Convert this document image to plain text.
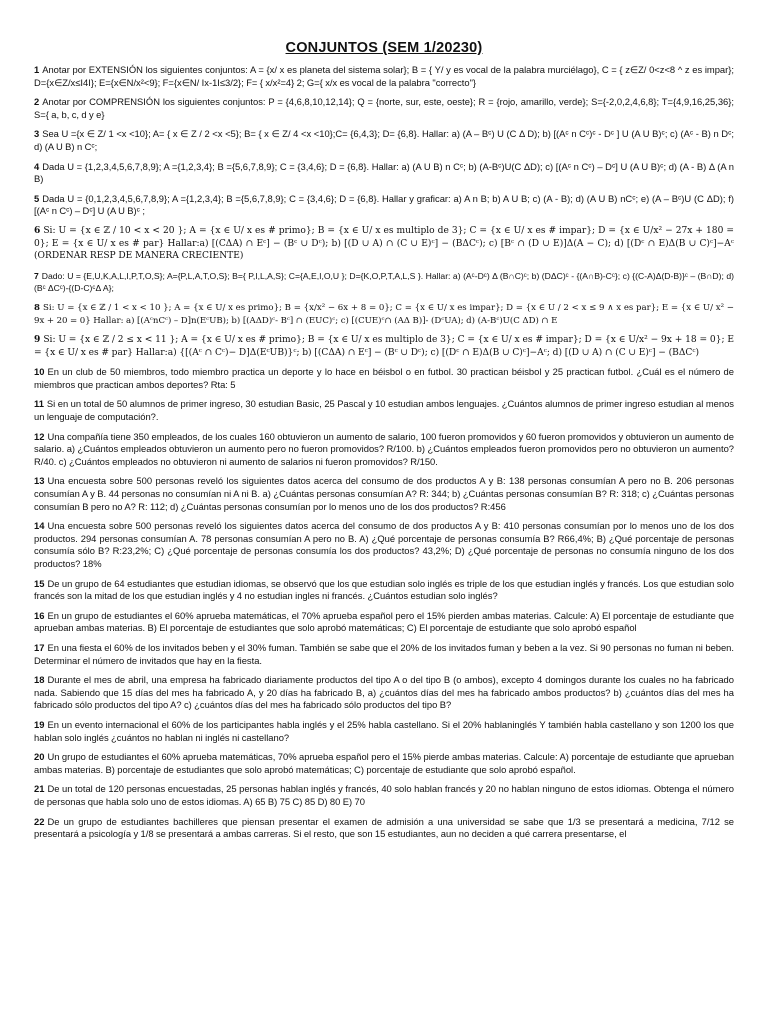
CONJUNTOS (SEM 1/20230)

1 Anotar por EXTENSIÓN los siguientes conjuntos: A = {x/ x es planeta del sistema solar}; B = { Y/ y es vocal de la palabra murciélago}, C = { z∈Z/ 0<z<8 ^ z es impar}; D={x∈Z/x≤I4I}; E={x∈N/x²<9}; F={x∈N/ Ix-1I≤3/2}; F= { x/x²=4} 2; G={ x/x es vocal de la palabra "correcto"}

2 Anotar por COMPRENSIÓN los siguientes conjuntos: P = {4,6,8,10,12,14}; Q = {norte, sur, este, oeste}; R = {rojo, amarillo, verde}; S={-2,0,2,4,6,8}; T={4,9,16,25,36}; S={ a, b, c, d y e}

3 Sea U ={x ∈ Z/ 1 <x <10}; A= { x ∈ Z / 2 <x <5}; B= { x ∈ Z/ 4 <x <10};C= {6,4,3}; D= {6,8}. Hallar: a) (A – Bᶜ) U (C Δ D); b) [(Aᶜ n Cᶜ)ᶜ - Dᶜ ] U (A U B)ᶜ; c) (Aᶜ - B) n Dᶜ; d) (A U B) n Cᶜ;

4 Dada U = {1,2,3,4,5,6,7,8,9}; A ={1,2,3,4}; B ={5,6,7,8,9}; C = {3,4,6}; D = {6,8}. Hallar: a) (A U B) n Cᶜ; b) (A-Bᶜ)U(C ΔD); c) [(Aᶜ n Cᶜ) – Dᶜ] U (A U B)ᶜ; d) (A - B) Δ (A n B)

5 Dada U = {0,1,2,3,4,5,6,7,8,9}; A ={1,2,3,4}; B ={5,6,7,8,9}; C = {3,4,6}; D = {6,8}. Hallar y graficar: a) A n B; b) A U B; c) (A - B); d) (A U B) nCᶜ; e) (A – Bᶜ)U (C ΔD); f) [(Aᶜ n Cᶜ) – Dᶜ] U (A U B)ᶜ ;

6 Si: U = {x ∈ ℤ / 10 < x < 20 }; A = {x ∈ U/ x es # primo}; B = {x ∈ U/ x es multiplo de 3}; C = {x ∈ U/ x es # impar}; D = {x ∈ U/x² − 27x + 180 = 0}; E = {x ∈ U/ x es # par} Hallar:a) [(CΔA) ∩ Eᶜ] − (Bᶜ ∪ Dᶜ); b) [(D ∪ A) ∩ (C ∪ E)ᶜ] − (BΔCᶜ); c) [Bᶜ ∩ (D ∪ E)]Δ(A − C); d) [(Dᶜ ∩ E)Δ(B ∪ C)ᶜ]−Aᶜ (ORDENAR RESP DE MANERA CRECIENTE)

7 Dado: U = {E,U,K,A,L,I,P,T,O,S}; A={P,L,A,T,O,S}; B={ P,I,L,A,S}; C={A,E,I,O,U }; D={K,O,P,T,A,L,S }. Hallar: a) (Aᶜ-Dᶜ) Δ (B∩C)ᶜ; b) (DΔC)ᶜ - {(A∩B)-Cᶜ}; c) {(C-A)Δ(D-B)}ᶜ – (B∩D); d) (Bᶜ ΔCᶜ)-{(D-C)ᶜΔ A};

8 Si: U = {x ∈ ℤ / 1 < x < 10 }; A = {x ∈ U/ x es primo}; B = {x/x² − 6x + 8 = 0}; C = {x ∈ U/ x es impar}; D = {x ∈ U / 2 < x ≤ 9 ∧ x es par}; E = {x ∈ U/ x² − 9x + 20 = 0} Hallar: a) [(AᶜnCᶜ) – D]n(EᶜUB); b) [(AΔD)ᶜ- Bᶜ] ∩ (EUC)ᶜ; c) [(CUE)ᶜ∩ (AΔ B)]- (DᶜUA); d) (A-Bᶜ)U(C ΔD) ∩ E

9 Si: U = {x ∈ ℤ / 2 ≤ x < 11 }; A = {x ∈ U/ x es # primo}; B = {x ∈ U/ x es multiplo de 3}; C = {x ∈ U/ x es # impar}; D = {x ∈ U/x² − 9x + 18 = 0}; E = {x ∈ U/ x es # par} Hallar:a) {[(Aᶜ ∩ Cᶜ)− D]Δ(EᶜUB)}ᶜ; b) [(CΔA) ∩ Eᶜ] − (Bᶜ ∪ Dᶜ); c) [(Dᶜ ∩ E)Δ(B ∪ C)ᶜ]−Aᶜ; d) [(D ∪ A) ∩ (C ∪ E)ᶜ] − (BΔCᶜ)

10 En un club de 50 miembros, todo miembro practica un deporte y lo hace en béisbol o en futbol. 30 practican béisbol y 25 practican futbol. ¿Cuál es el número de miembros que practican ambos deportes? Rta: 5

11 Si en un total de 50 alumnos de primer ingreso, 30 estudian Basic, 25 Pascal y 10 estudian ambos lenguajes. ¿Cuántos alumnos de primer ingreso estudian al menos un lenguaje de computación?.

12 Una compañía tiene 350 empleados, de los cuales 160 obtuvieron un aumento de salario, 100 fueron promovidos y 60 fueron promovidos y obtuvieron un aumento de salario. a) ¿Cuántos empleados obtuvieron un aumento pero no fueron promovidos? R/100. b) ¿Cuántos empleados fueron promovidos pero no obtuvieron un aumento? R/40. c) ¿Cuántos empleados no obtuvieron ni aumento de salarios ni fueron promovidos? R/150.

13 Una encuesta sobre 500 personas reveló los siguientes datos acerca del consumo de dos productos A y B: 138 personas consumían A pero no B. 206 personas consumían A y B. 44 personas no consumían ni A ni B. a) ¿Cuántas personas consumían A? R: 344; b) ¿Cuántas personas consumían B? R: 318; c) ¿Cuántas personas consumían B pero no A? R: 112; d) ¿Cuántas personas consumían por lo menos uno de los dos productos? R:456

14 Una encuesta sobre 500 personas reveló los siguientes datos acerca del consumo de dos productos A y B: 410 personas consumían por lo menos uno de los dos productos. 294 personas consumían A. 78 personas consumían A pero no B. A) ¿Qué porcentaje de personas consumía B? R66,4%; B) ¿Qué porcentaje de personas consumía sólo B? R:23,2%; C) ¿Qué porcentaje de personas consumía los dos productos? 43,2%; D) ¿Qué porcentaje de personas no consumía ninguno de los dos productos? 18%

15 De un grupo de 64 estudiantes que estudian idiomas, se observó que los que estudian solo inglés es triple de los que estudian inglés y francés. Los que estudian solo francés son la mitad de los que estudian inglés y 4 no estudian ingles ni francés. ¿Cuántos estudian solo inglés?

16 En un grupo de estudiantes el 60% aprueba matemáticas, el 70% aprueba español pero el 15% pierden ambas materias. Calcule: A) El porcentaje de estudiante que aprueban ambas materias. B) El porcentaje de estudiantes que solo aprobó matemáticas; C) El porcentaje de estudiante que solo aprobó español

17 En una fiesta el 60% de los invitados beben y el 30% fuman. También se sabe que el 20% de los invitados fuman y beben a la vez. Si 90 personas no fuman ni beben. Determinar el número de invitados que hay en la fiesta.

18 Durante el mes de abril, una empresa ha fabricado diariamente productos del tipo A o del tipo B (o ambos), excepto 4 domingos durante los cuales no ha fabricado nada. Sabiendo que 15 días del mes ha fabricado A, y 20 días ha fabricado B, a) ¿cuántos días del mes ha fabricado ambos productos? b) ¿cuántos días del mes ha fabricado sólo productos del tipo A? c) ¿cuántos días del mes ha fabricado sólo productos del tipo B?

19 En un evento internacional el 60% de los participantes habla inglés y el 25% habla castellano. Si el 20% hablaninglés Y también habla castellano y son 1200 los que hablan solo inglés ¿cuántos no hablan ni inglés ni castellano?

20 Un grupo de estudiantes el 60% aprueba matemáticas, 70% aprueba español pero el 15% pierde ambas materias. Calcule: A) porcentaje de estudiante que aprueban ambas materias. B) porcentaje de estudiantes que solo aprobó matemáticas; C) porcentaje de estudiante que solo aprobó español.

21 De un total de 120 personas encuestadas, 25 personas hablan inglés y francés, 40 solo hablan francés y 20 no hablan ninguno de estos idiomas. Obtenga el número de personas que habla solo uno de estos idiomas. A) 65 B) 75 C) 85 D) 80 E) 70

22 De un grupo de estudiantes bachilleres que piensan presentar el examen de admisión a una universidad se sabe que 1/3 se presentará a medicina, 7/12 se presentará a psicología y 1/8 se presentará a ambas carreras. Si el resto, que son 15 estudiantes, aun no deciden a qué carrera presentarse, el
